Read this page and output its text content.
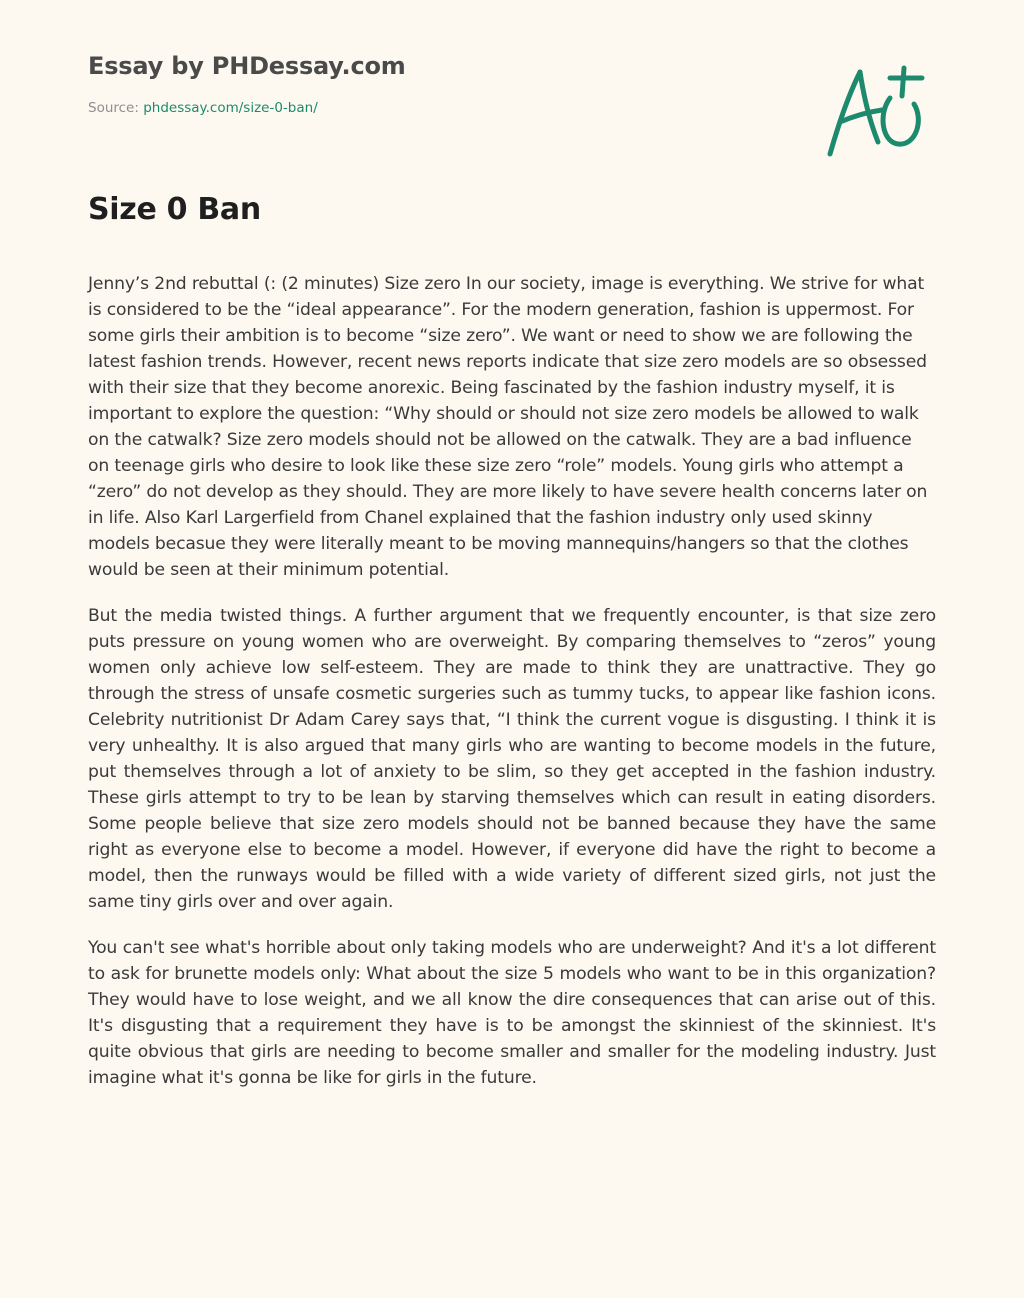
Essay by PHDessay.com
Source: phdessay.com/size-0-ban/
Size 0 Ban

Jenny’s 2nd rebuttal (: (2 minutes) Size zero In our society, image is everything. We strive for what is considered to be the “ideal appearance”. For the modern generation, fashion is uppermost. For some girls their ambition is to become “size zero”. We want or need to show we are following the latest fashion trends. However, recent news reports indicate that size zero models are so obsessed with their size that they become anorexic. Being fascinated by the fashion industry myself, it is important to explore the question: “Why should or should not size zero models be allowed to walk on the catwalk? Size zero models should not be allowed on the catwalk. They are a bad influence on teenage girls who desire to look like these size zero “role” models. Young girls who attempt a “zero” do not develop as they should. They are more likely to have severe health concerns later on in life. Also Karl Largerfield from Chanel explained that the fashion industry only used skinny models becasue they were literally meant to be moving mannequins/hangers so that the clothes would be seen at their minimum potential.

But the media twisted things. A further argument that we frequently encounter, is that size zero puts pressure on young women who are overweight. By comparing themselves to “zeros” young women only achieve low self-esteem. They are made to think they are unattractive. They go through the stress of unsafe cosmetic surgeries such as tummy tucks, to appear like fashion icons. Celebrity nutritionist Dr Adam Carey says that, “I think the current vogue is disgusting. I think it is very unhealthy. It is also argued that many girls who are wanting to become models in the future, put themselves through a lot of anxiety to be slim, so they get accepted in the fashion industry. These girls attempt to try to be lean by starving themselves which can result in eating disorders. Some people believe that size zero models should not be banned because they have the same right as everyone else to become a model. However, if everyone did have the right to become a model, then the runways would be filled with a wide variety of different sized girls, not just the same tiny girls over and over again.

You can't see what's horrible about only taking models who are underweight? And it's a lot different to ask for brunette models only: What about the size 5 models who want to be in this organization? They would have to lose weight, and we all know the dire consequences that can arise out of this. It's disgusting that a requirement they have is to be amongst the skinniest of the skinniest. It's quite obvious that girls are needing to become smaller and smaller for the modeling industry. Just imagine what it's gonna be like for girls in the future.
